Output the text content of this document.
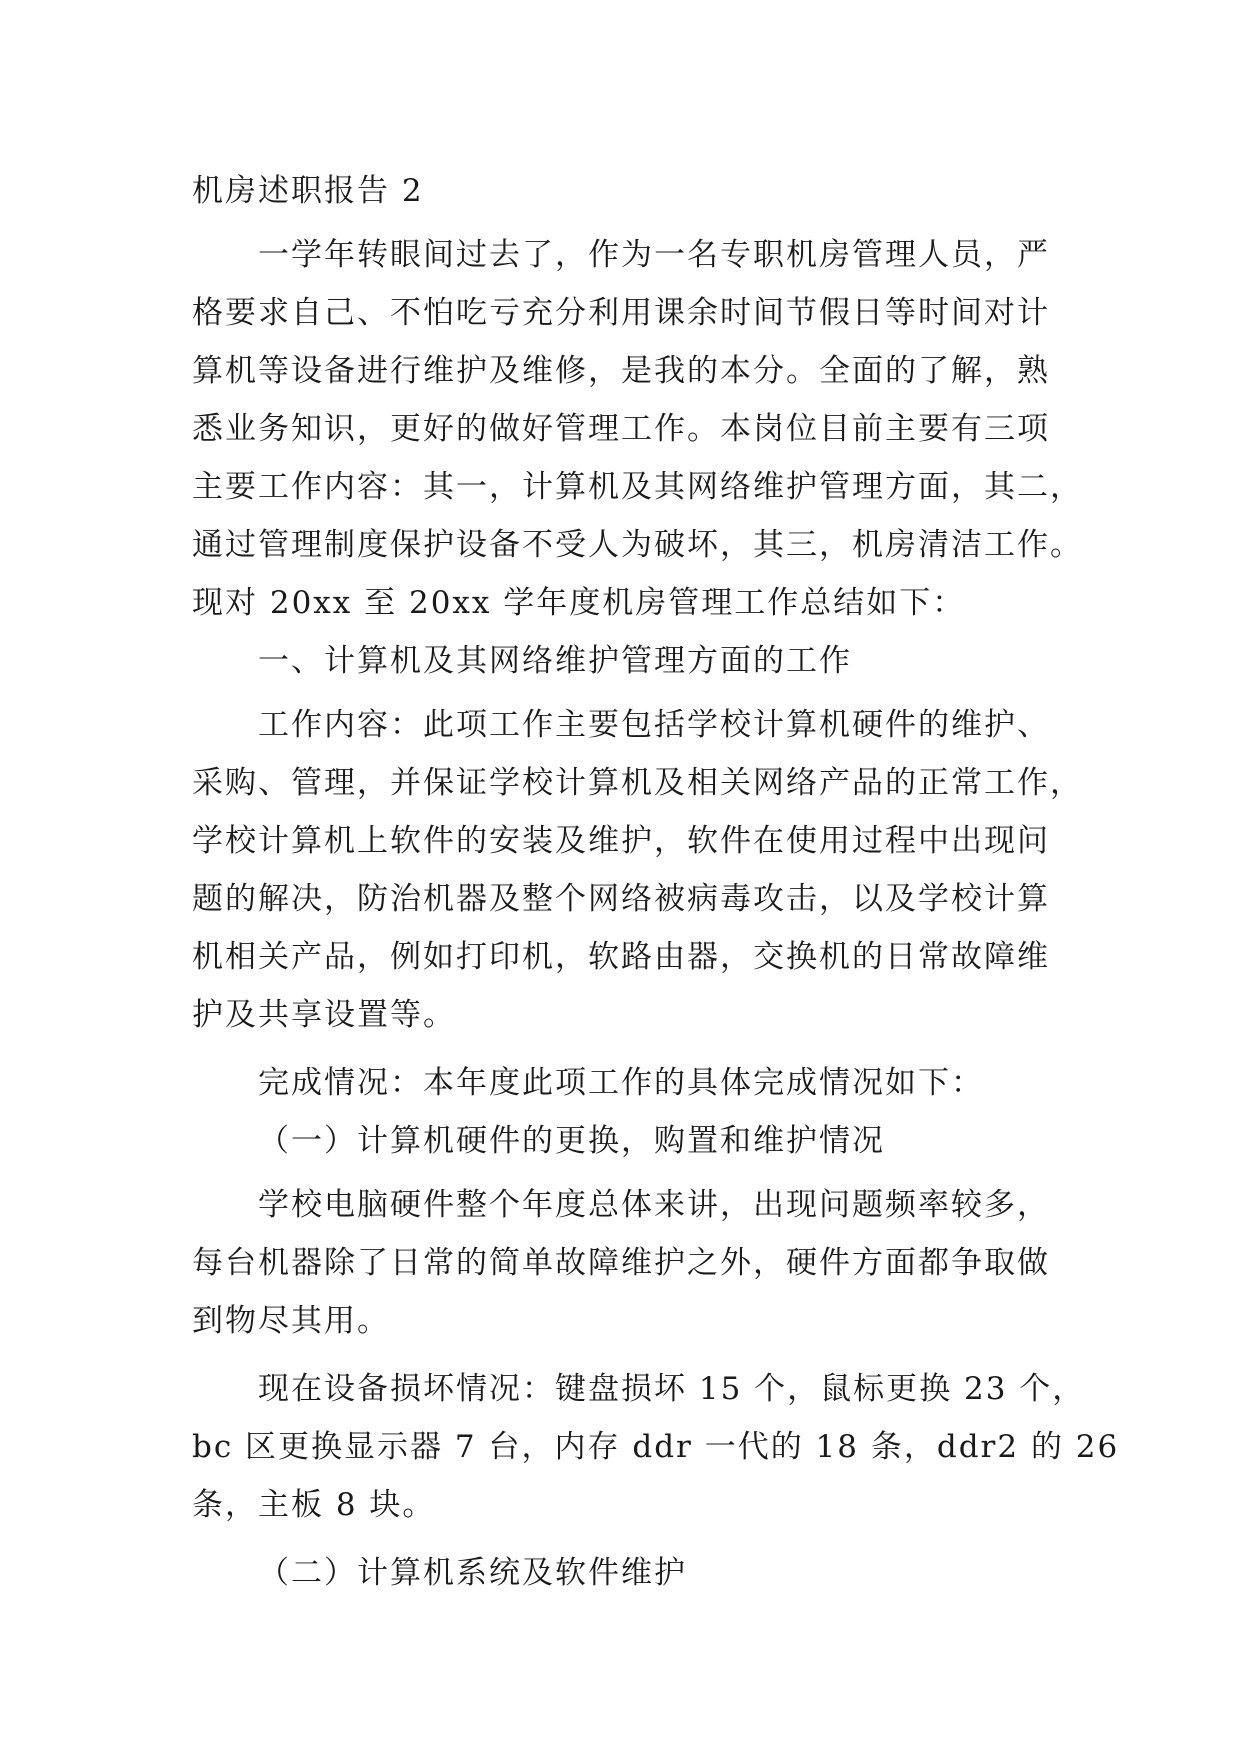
机房述职报告 2
一学年转眼间过去了，作为一名专职机房管理人员，严
格要求自己、不怕吃亏充分利用课余时间节假日等时间对计
算机等设备进行维护及维修，是我的本分。全面的了解，熟
悉业务知识，更好的做好管理工作。本岗位目前主要有三项
主要工作内容：其一，计算机及其网络维护管理方面，其二，
通过管理制度保护设备不受人为破坏，其三，机房清洁工作。
现对 20xx 至 20xx 学年度机房管理工作总结如下：
一、计算机及其网络维护管理方面的工作
工作内容：此项工作主要包括学校计算机硬件的维护、
采购、管理，并保证学校计算机及相关网络产品的正常工作，
学校计算机上软件的安装及维护，软件在使用过程中出现问
题的解决，防治机器及整个网络被病毒攻击，以及学校计算
机相关产品，例如打印机，软路由器，交换机的日常故障维
护及共享设置等。
完成情况：本年度此项工作的具体完成情况如下：
（一）计算机硬件的更换，购置和维护情况
学校电脑硬件整个年度总体来讲，出现问题频率较多，
每台机器除了日常的简单故障维护之外，硬件方面都争取做
到物尽其用。
现在设备损坏情况：键盘损坏 15 个，鼠标更换 23 个，
bc 区更换显示器 7 台，内存 ddr 一代的 18 条，ddr2 的 26
条，主板 8 块。
（二）计算机系统及软件维护
